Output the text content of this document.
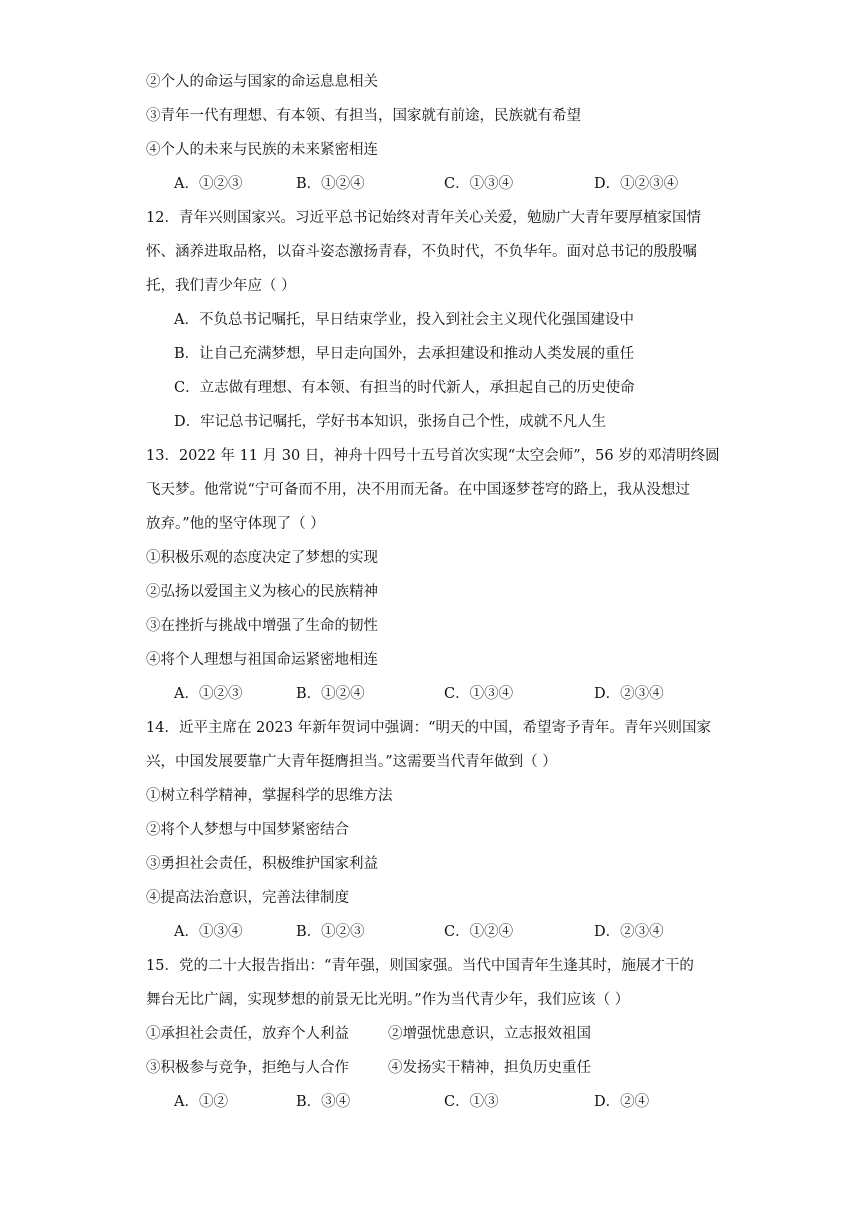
②个人的命运与国家的命运息息相关
③青年一代有理想、有本领、有担当，国家就有前途，民族就有希望
④个人的未来与民族的未来紧密相连
A．①②③	B．①②④	C．①③④	D．①②③④
12．青年兴则国家兴。习近平总书记始终对青年关心关爱，勉励广大青年要厚植家国情
怀、涵养进取品格，以奋斗姿态激扬青春，不负时代，不负华年。面对总书记的殷殷嘱
托，我们青少年应（ ）
A．不负总书记嘱托，早日结束学业，投入到社会主义现代化强国建设中
B．让自己充满梦想，早日走向国外，去承担建设和推动人类发展的重任
C．立志做有理想、有本领、有担当的时代新人，承担起自己的历史使命
D．牢记总书记嘱托，学好书本知识，张扬自己个性，成就不凡人生
13．2022 年 11 月 30 日，神舟十四号十五号首次实现“太空会师”，56 岁的邓清明终圆
飞天梦。他常说“宁可备而不用，决不用而无备。在中国逐梦苍穹的路上，我从没想过
放弃。”他的坚守体现了（ ）
①积极乐观的态度决定了梦想的实现
②弘扬以爱国主义为核心的民族精神
③在挫折与挑战中增强了生命的韧性
④将个人理想与祖国命运紧密地相连
A．①②③	B．①②④	C．①③④	D．②③④
14．近平主席在 2023 年新年贺词中强调：“明天的中国，希望寄予青年。青年兴则国家
兴，中国发展要靠广大青年挺膺担当。”这需要当代青年做到（ ）
①树立科学精神，掌握科学的思维方法
②将个人梦想与中国梦紧密结合
③勇担社会责任，积极维护国家利益
④提高法治意识，完善法律制度
A．①③④	B．①②③	C．①②④	D．②③④
15．党的二十大报告指出：“青年强，则国家强。当代中国青年生逢其时，施展才干的
舞台无比广阔，实现梦想的前景无比光明。”作为当代青少年，我们应该（ ）
①承担社会责任，放弃个人利益	②增强忧患意识，立志报效祖国
③积极参与竞争，拒绝与人合作	④发扬实干精神，担负历史重任
A．①②	B．③④	C．①③	D．②④
